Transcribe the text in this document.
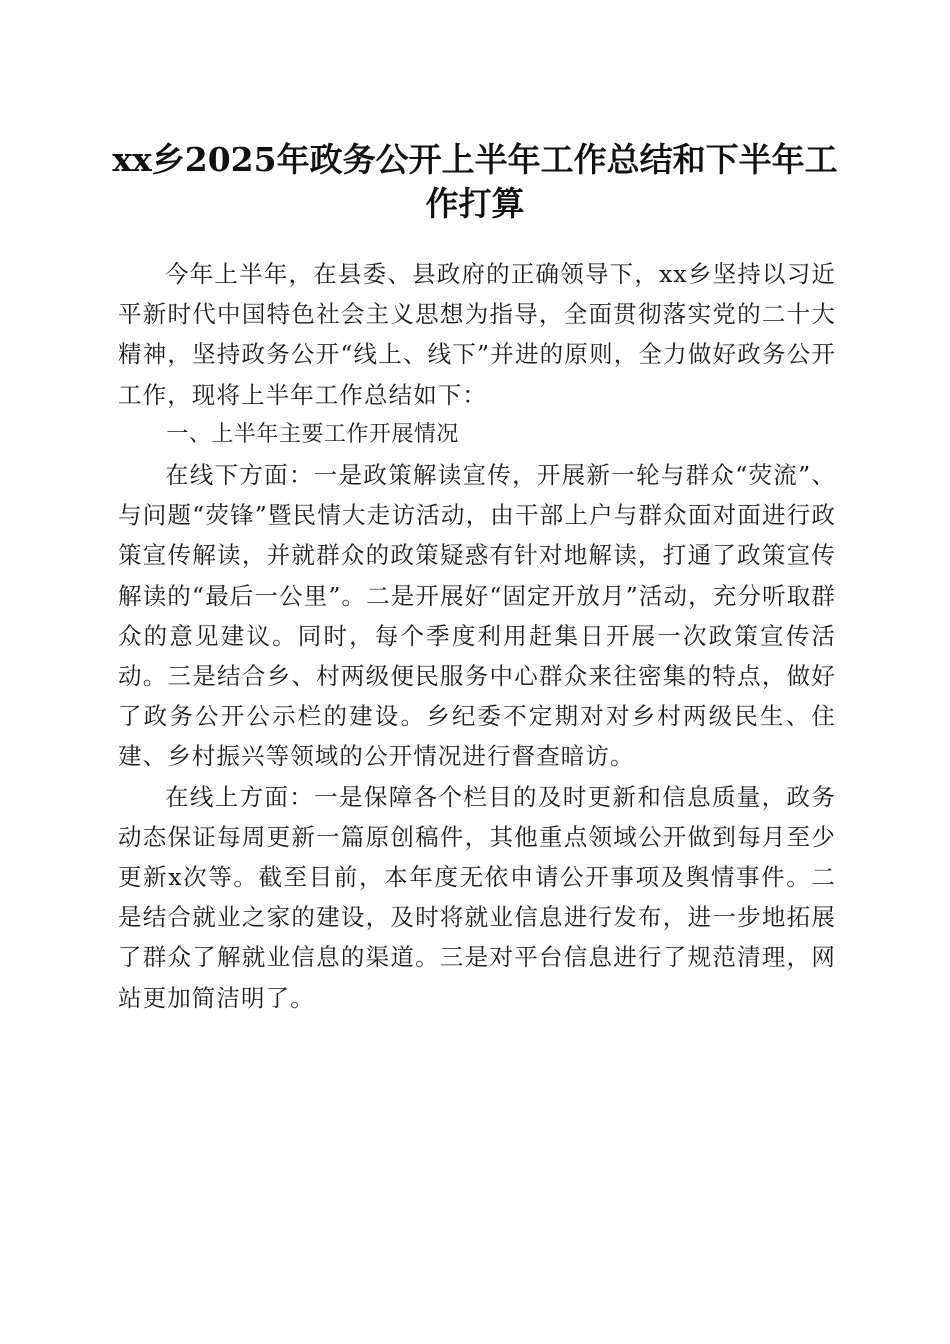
xx乡2025年政务公开上半年工作总结和下半年工作打算

今年上半年，在县委、县政府的正确领导下，xx乡坚持以习近平新时代中国特色社会主义思想为指导，全面贯彻落实党的二十大精神，坚持政务公开“线上、线下”并进的原则，全力做好政务公开工作，现将上半年工作总结如下：

一、上半年主要工作开展情况

在线下方面：一是政策解读宣传，开展新一轮与群众“荧流”、与问题“荧锋”暨民情大走访活动，由干部上户与群众面对面进行政策宣传解读，并就群众的政策疑惑有针对地解读，打通了政策宣传解读的“最后一公里”。二是开展好“固定开放月”活动，充分听取群众的意见建议。同时，每个季度利用赶集日开展一次政策宣传活动。三是结合乡、村两级便民服务中心群众来往密集的特点，做好了政务公开公示栏的建设。乡纪委不定期对对乡村两级民生、住建、乡村振兴等领域的公开情况进行督查暗访。

在线上方面：一是保障各个栏目的及时更新和信息质量，政务动态保证每周更新一篇原创稿件，其他重点领域公开做到每月至少更新x次等。截至目前，本年度无依申请公开事项及舆情事件。二是结合就业之家的建设，及时将就业信息进行发布，进一步地拓展了群众了解就业信息的渠道。三是对平台信息进行了规范清理，网站更加简洁明了。
